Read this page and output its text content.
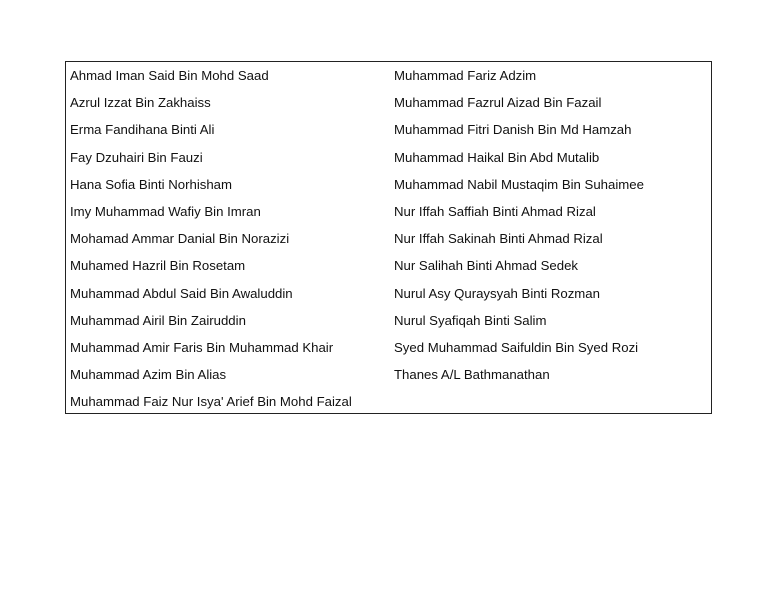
Ahmad Iman Said Bin Mohd Saad
Azrul Izzat Bin Zakhaiss
Erma Fandihana Binti Ali
Fay Dzuhairi Bin Fauzi
Hana Sofia Binti Norhisham
Imy Muhammad Wafiy Bin Imran
Mohamad Ammar Danial Bin Norazizi
Muhamed Hazril Bin Rosetam
Muhammad Abdul Said Bin Awaluddin
Muhammad Airil Bin Zairuddin
Muhammad Amir Faris Bin Muhammad Khair
Muhammad Azim Bin Alias
Muhammad Faiz Nur Isya' Arief Bin Mohd Faizal
Muhammad Fariz Adzim
Muhammad Fazrul Aizad Bin Fazail
Muhammad Fitri Danish Bin Md Hamzah
Muhammad Haikal Bin Abd Mutalib
Muhammad Nabil Mustaqim Bin Suhaimee
Nur Iffah Saffiah Binti Ahmad Rizal
Nur Iffah Sakinah Binti Ahmad Rizal
Nur Salihah Binti Ahmad Sedek
Nurul Asy Quraysyah Binti Rozman
Nurul Syafiqah Binti Salim
Syed Muhammad Saifuldin Bin Syed Rozi
Thanes A/L Bathmanathan
